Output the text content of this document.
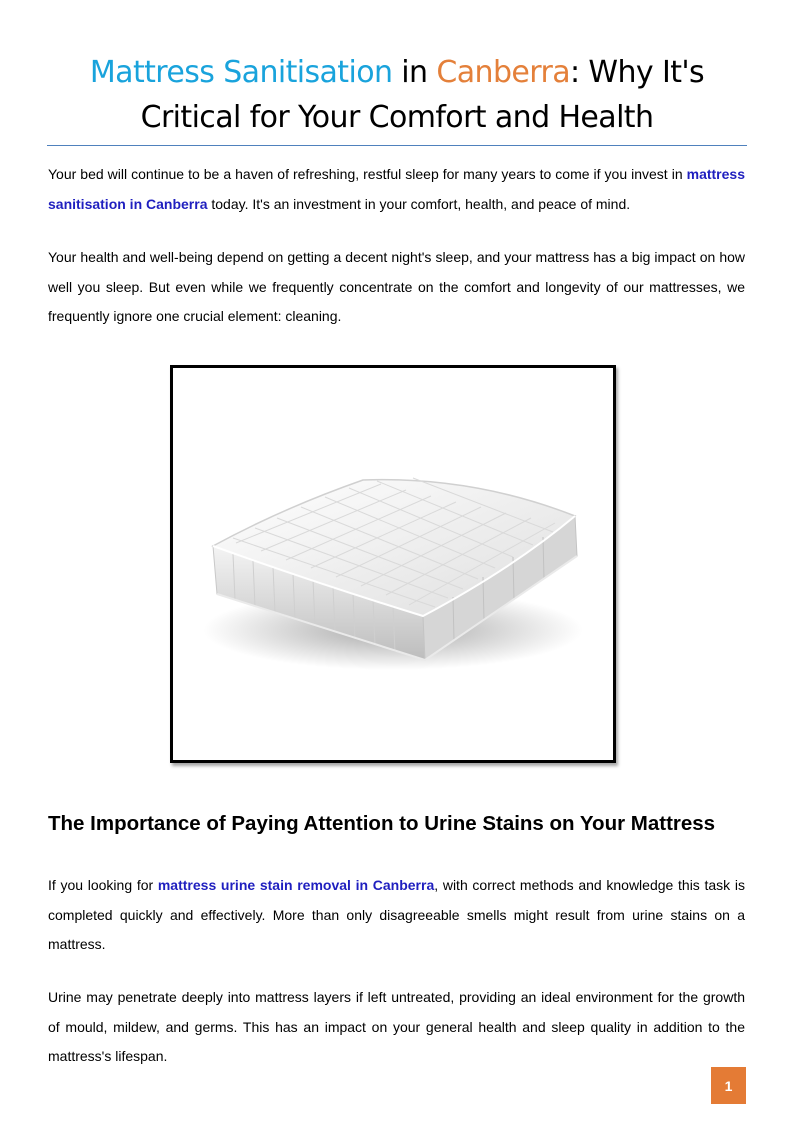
Mattress Sanitisation in Canberra: Why It's Critical for Your Comfort and Health

Your bed will continue to be a haven of refreshing, restful sleep for many years to come if you invest in mattress sanitisation in Canberra today. It's an investment in your comfort, health, and peace of mind.

Your health and well-being depend on getting a decent night's sleep, and your mattress has a big impact on how well you sleep. But even while we frequently concentrate on the comfort and longevity of our mattresses, we frequently ignore one crucial element: cleaning.

The Importance of Paying Attention to Urine Stains on Your Mattress

If you looking for mattress urine stain removal in Canberra, with correct methods and knowledge this task is completed quickly and effectively. More than only disagreeable smells might result from urine stains on a mattress.

Urine may penetrate deeply into mattress layers if left untreated, providing an ideal environment for the growth of mould, mildew, and germs. This has an impact on your general health and sleep quality in addition to the mattress's lifespan.

1
